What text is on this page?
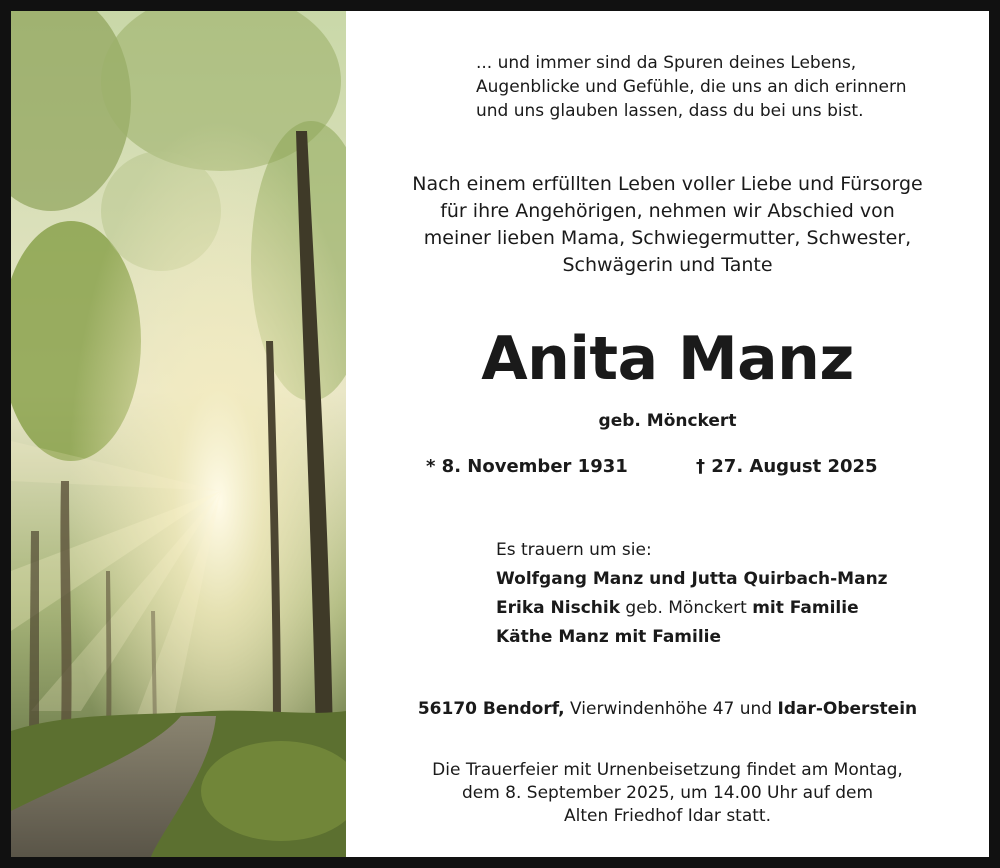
... und immer sind da Spuren deines Lebens,
Augenblicke und Gefühle, die uns an dich erinnern
und uns glauben lassen, dass du bei uns bist.
Nach einem erfüllten Leben voller Liebe und Fürsorge
für ihre Angehörigen, nehmen wir Abschied von
meiner lieben Mama, Schwiegermutter, Schwester,
Schwägerin und Tante
Anita Manz
geb. Mönckert
* 8. November 1931	† 27. August 2025
Es trauern um sie:
Wolfgang Manz und Jutta Quirbach-Manz
Erika Nischik geb. Mönckert mit Familie
Käthe Manz mit Familie
56170 Bendorf, Vierwindenhöhe 47 und Idar-Oberstein
Die Trauerfeier mit Urnenbeisetzung findet am Montag,
dem 8. September 2025, um 14.00 Uhr auf dem
Alten Friedhof Idar statt.
